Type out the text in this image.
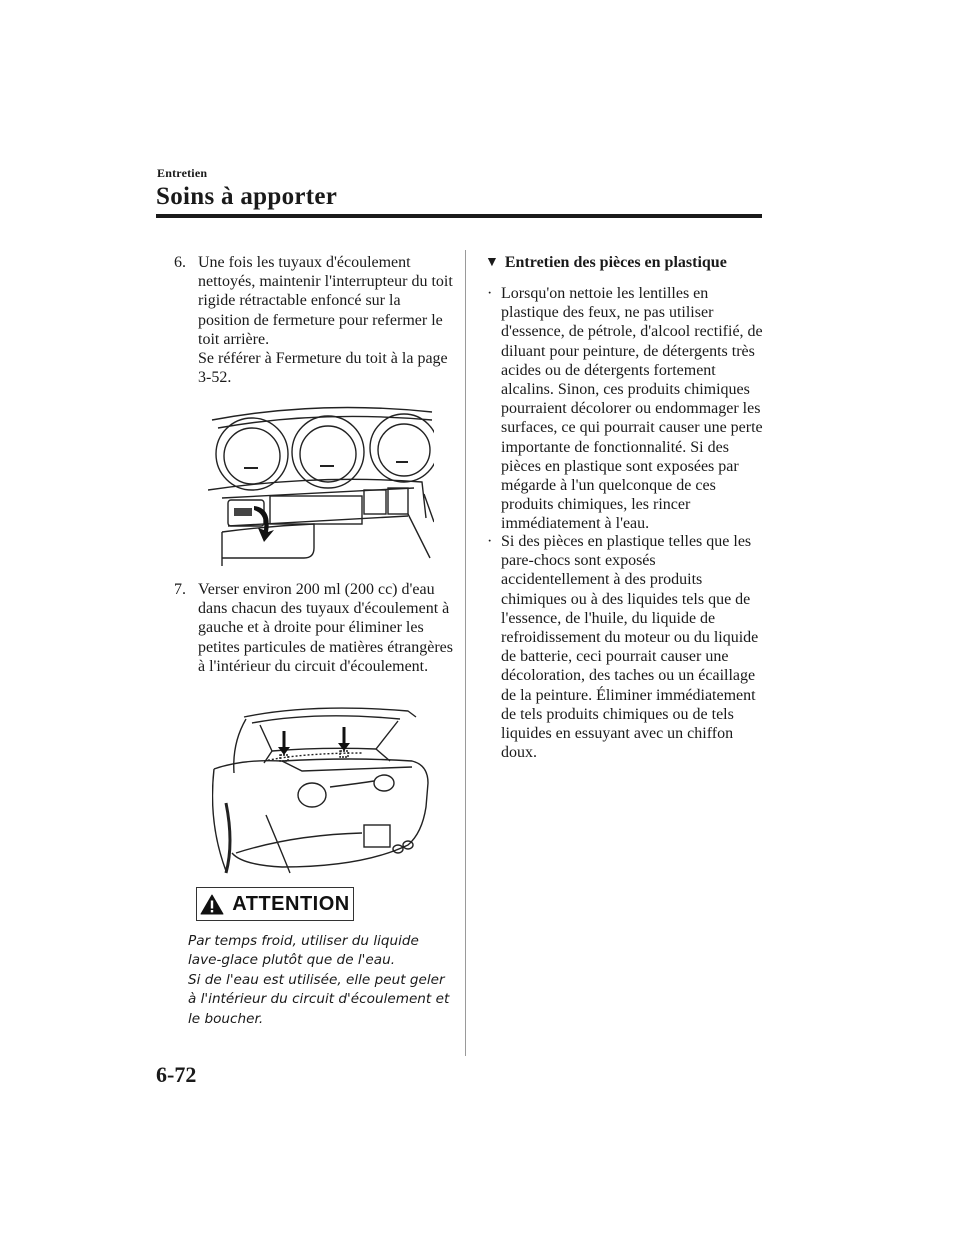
Entretien
Soins à apporter
6. Une fois les tuyaux d'écoulement nettoyés, maintenir l'interrupteur du toit rigide rétractable enfoncé sur la position de fermeture pour refermer le toit arrière.

Se référer à Fermeture du toit à la page 3-52.

7. Verser environ 200 ml (200 cc) d'eau dans chacun des tuyaux d'écoulement à gauche et à droite pour éliminer les petites particules de matières étrangères à l'intérieur du circuit d'écoulement.

ATTENTION

Par temps froid, utiliser du liquide lave-glace plutôt que de l'eau.

Si de l'eau est utilisée, elle peut geler à l'intérieur du circuit d'écoulement et le boucher.

▼ Entretien des pièces en plastique
· Lorsqu'on nettoie les lentilles en plastique des feux, ne pas utiliser d'essence, de pétrole, d'alcool rectifié, de diluant pour peinture, de détergents très acides ou de détergents fortement alcalins. Sinon, ces produits chimiques pourraient décolorer ou endommager les surfaces, ce qui pourrait causer une perte importante de fonctionnalité. Si des pièces en plastique sont exposées par mégarde à l'un quelconque de ces produits chimiques, les rincer immédiatement à l'eau.
· Si des pièces en plastique telles que les pare-chocs sont exposés accidentellement à des produits chimiques ou à des liquides tels que de l'essence, de l'huile, du liquide de refroidissement du moteur ou du liquide de batterie, ceci pourrait causer une décoloration, des taches ou un écaillage de la peinture. Éliminer immédiatement de tels produits chimiques ou de tels liquides en essuyant avec un chiffon doux.
6-72
